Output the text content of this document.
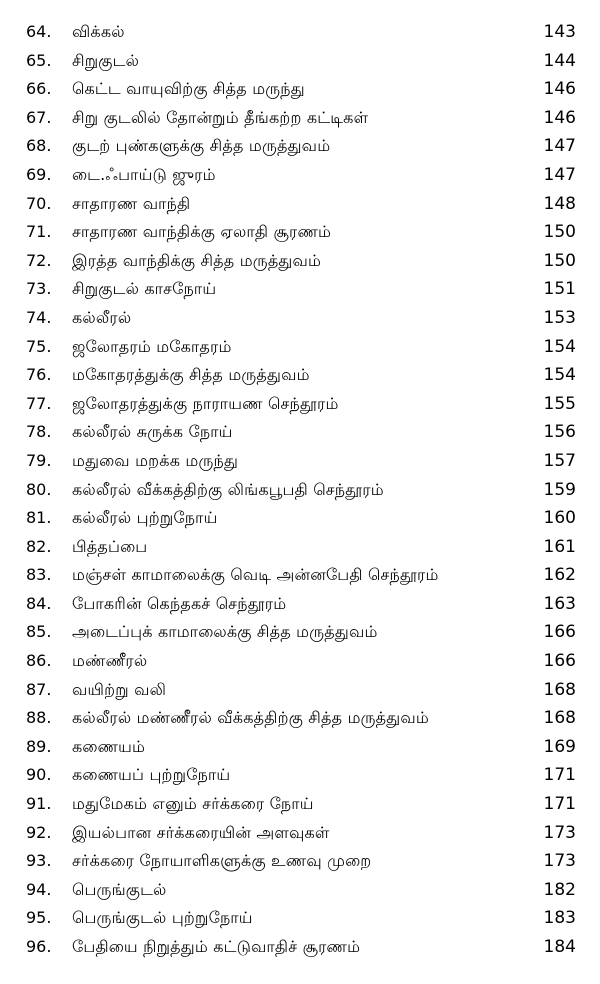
64.	விக்கல்	143
65.	சிறுகுடல்	144
66.	கெட்ட வாயுவிற்கு சித்த மருந்து	146
67.	சிறு குடலில் தோன்றும் தீங்கற்ற கட்டிகள்	146
68.	குடற் புண்களுக்கு சித்த மருத்துவம்	147
69.	டை.ஃபாய்டு ஜுரம்	147
70.	சாதாரண வாந்தி	148
71.	சாதாரண வாந்திக்கு ஏலாதி சூரணம்	150
72.	இரத்த வாந்திக்கு சித்த மருத்துவம்	150
73.	சிறுகுடல் காசநோய்	151
74.	கல்லீரல்	153
75.	ஜலோதரம் மகோதரம்	154
76.	மகோதரத்துக்கு சித்த மருத்துவம்	154
77.	ஜலோதரத்துக்கு நாராயண செந்தூரம்	155
78.	கல்லீரல் சுருக்க நோய்	156
79.	மதுவை மறக்க மருந்து	157
80.	கல்லீரல் வீக்கத்திற்கு லிங்கபூபதி செந்தூரம்	159
81.	கல்லீரல் புற்றுநோய்	160
82.	பித்தப்பை	161
83.	மஞ்சள் காமாலைக்கு வெடி அன்னபேதி செந்தூரம்	162
84.	போகரின் கெந்தகச் செந்தூரம்	163
85.	அடைப்புக் காமாலைக்கு சித்த மருத்துவம்	166
86.	மண்ணீரல்	166
87.	வயிற்று வலி	168
88.	கல்லீரல் மண்ணீரல் வீக்கத்திற்கு சித்த மருத்துவம்	168
89.	கணையம்	169
90.	கணையப் புற்றுநோய்	171
91.	மதுமேகம் எனும் சர்க்கரை நோய்	171
92.	இயல்பான சர்க்கரையின் அளவுகள்	173
93.	சர்க்கரை நோயாளிகளுக்கு உணவு முறை	173
94.	பெருங்குடல்	182
95.	பெருங்குடல் புற்றுநோய்	183
96.	பேதியை நிறுத்தும் கட்டுவாதிச் சூரணம்	184
